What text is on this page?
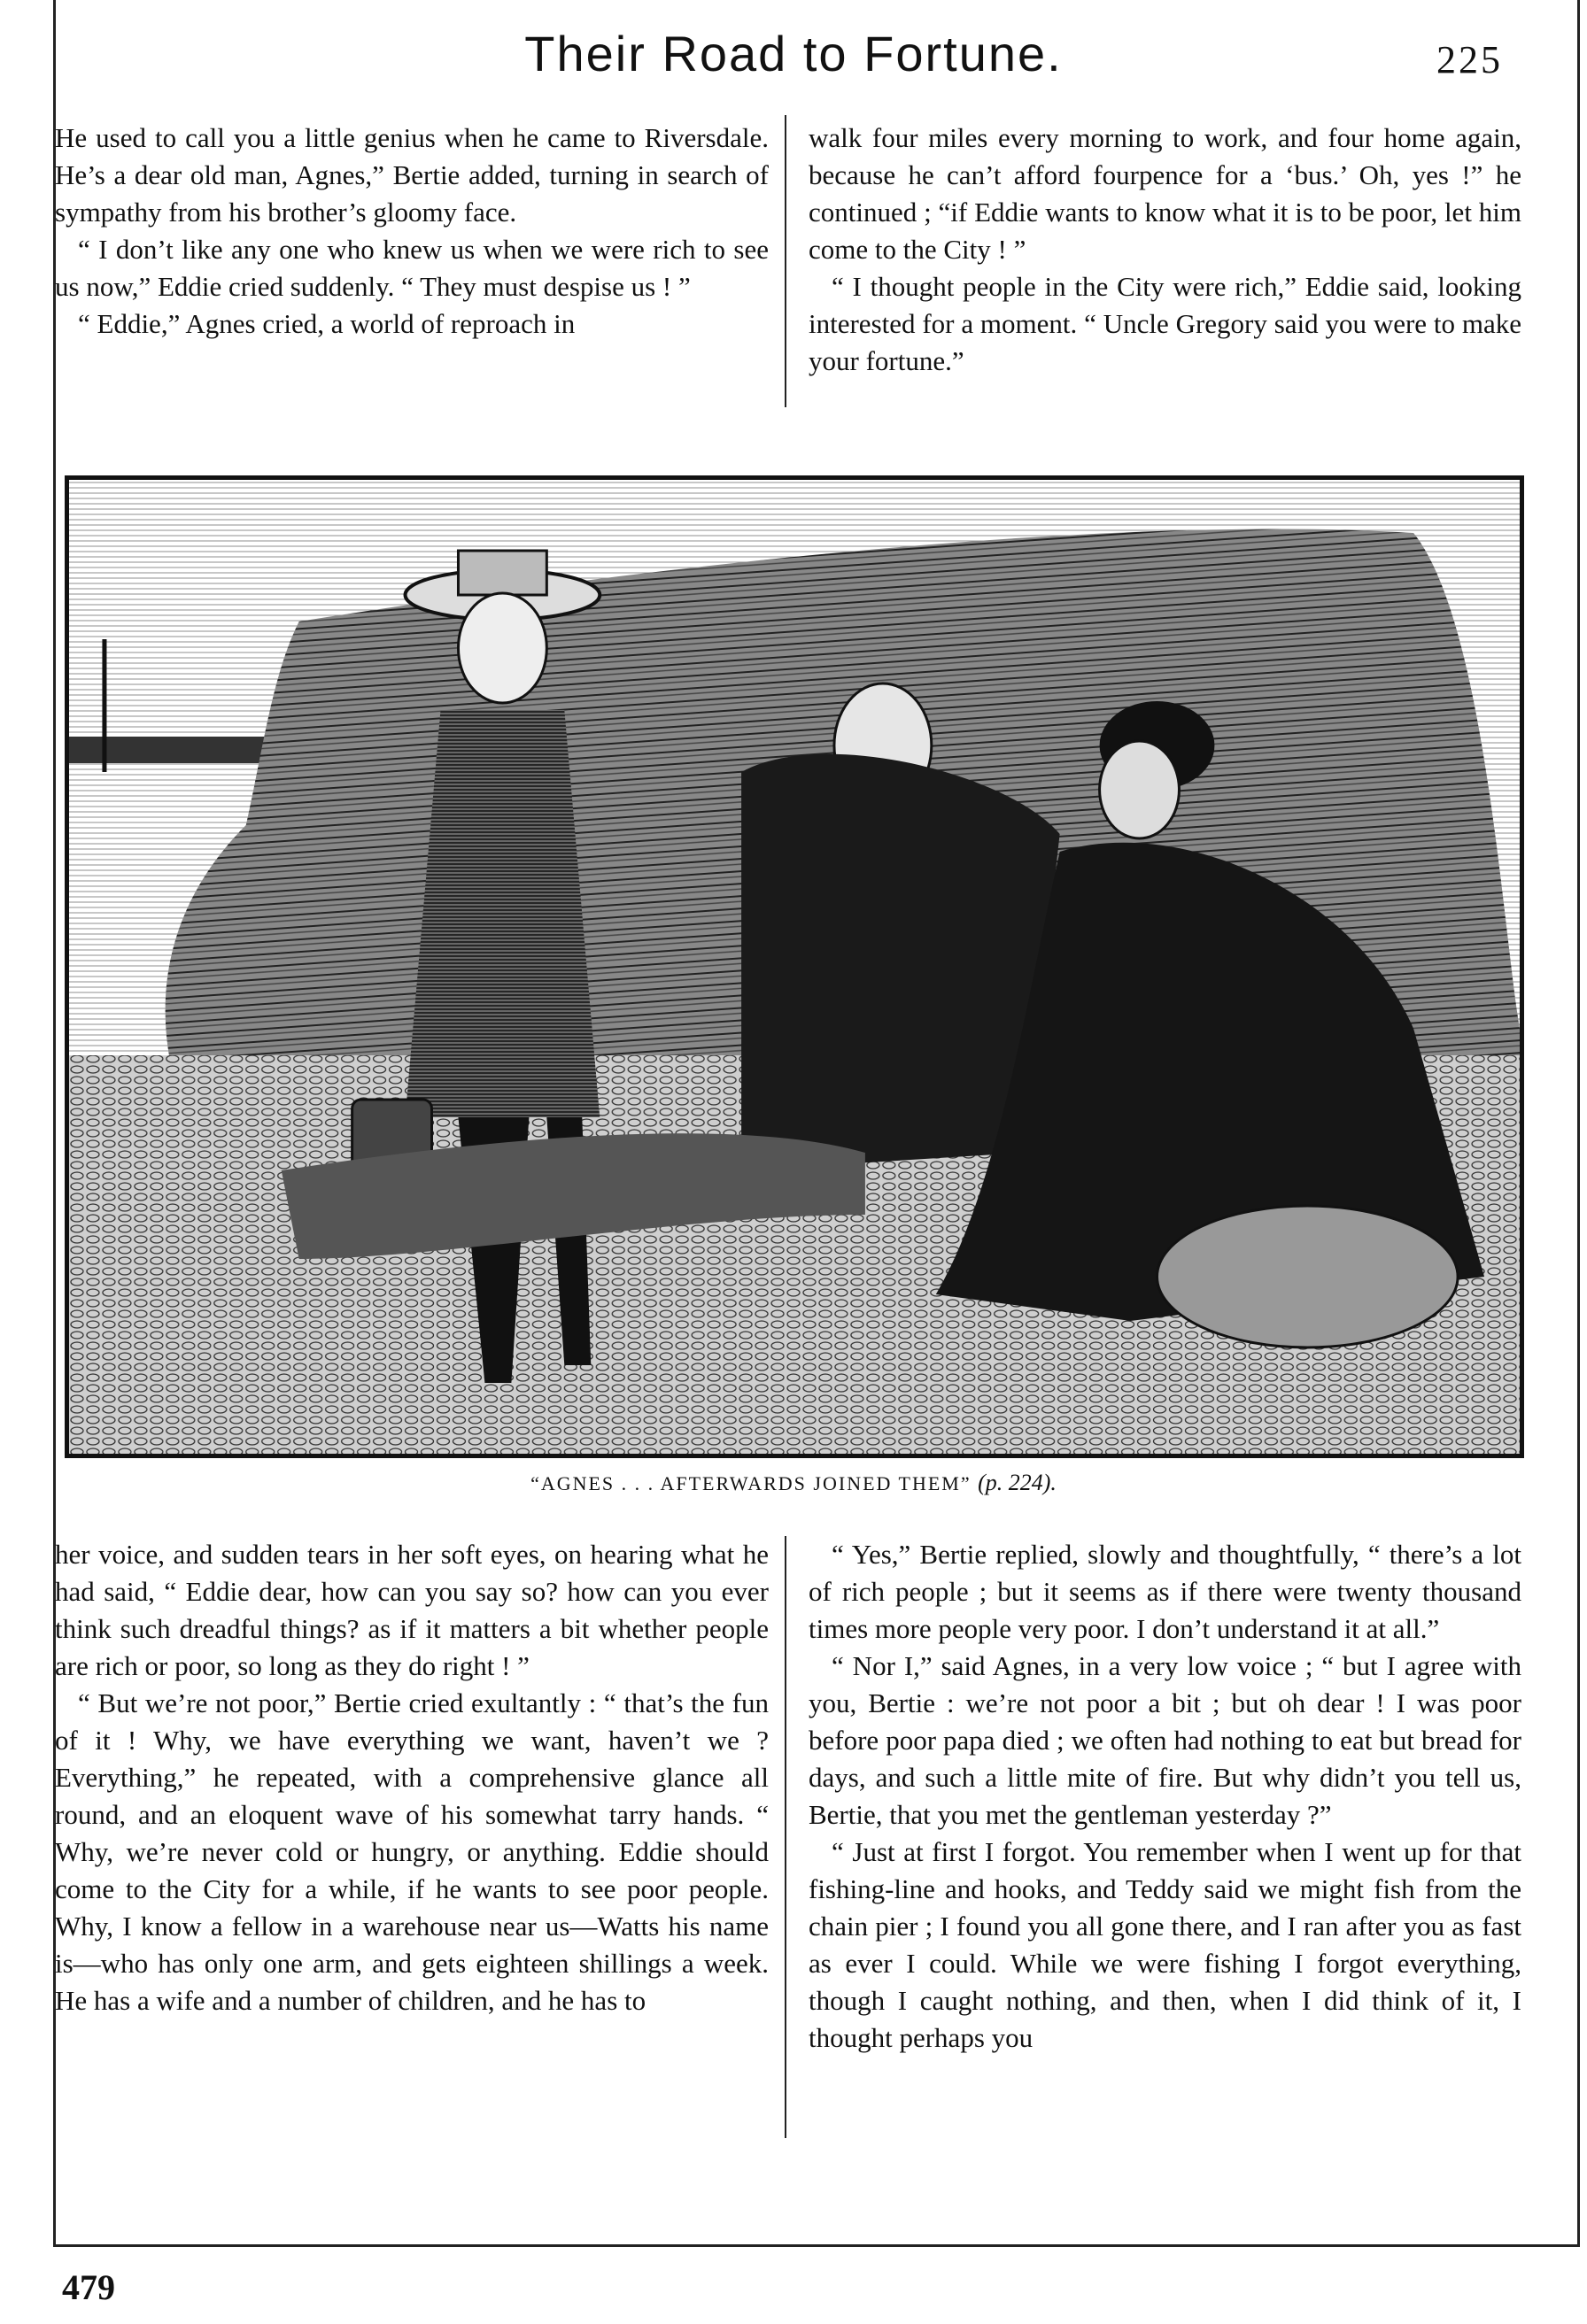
Their Road to Fortune.	225

He used to call you a little genius when he came to Riversdale. He’s a dear old man, Agnes,” Bertie added, turning in search of sympathy from his brother’s gloomy face.

“ I don’t like any one who knew us when we were rich to see us now,” Eddie cried suddenly. “ They must despise us ! ”

“ Eddie,” Agnes cried, a world of reproach in

walk four miles every morning to work, and four home again, because he can’t afford fourpence for a ‘bus.’ Oh, yes !” he continued ; “if Eddie wants to know what it is to be poor, let him come to the City ! ”

“ I thought people in the City were rich,” Eddie said, looking interested for a moment. “ Uncle Gregory said you were to make your fortune.”

“AGNES . . . AFTERWARDS JOINED THEM” (p. 224).

her voice, and sudden tears in her soft eyes, on hearing what he had said, “ Eddie dear, how can you say so? how can you ever think such dreadful things? as if it matters a bit whether people are rich or poor, so long as they do right ! ”

“ But we’re not poor,” Bertie cried exultantly : “ that’s the fun of it ! Why, we have everything we want, haven’t we ? Everything,” he repeated, with a comprehensive glance all round, and an eloquent wave of his somewhat tarry hands. “ Why, we’re never cold or hungry, or anything. Eddie should come to the City for a while, if he wants to see poor people. Why, I know a fellow in a warehouse near us—Watts his name is—who has only one arm, and gets eighteen shillings a week. He has a wife and a number of children, and he has to

“ Yes,” Bertie replied, slowly and thoughtfully, “ there’s a lot of rich people ; but it seems as if there were twenty thousand times more people very poor. I don’t understand it at all.”

“ Nor I,” said Agnes, in a very low voice ; “ but I agree with you, Bertie : we’re not poor a bit ; but oh dear ! I was poor before poor papa died ; we often had nothing to eat but bread for days, and such a little mite of fire. But why didn’t you tell us, Bertie, that you met the gentleman yesterday ?”

“ Just at first I forgot. You remember when I went up for that fishing-line and hooks, and Teddy said we might fish from the chain pier ; I found you all gone there, and I ran after you as fast as ever I could. While we were fishing I forgot everything, though I caught nothing, and then, when I did think of it, I thought perhaps you

479
